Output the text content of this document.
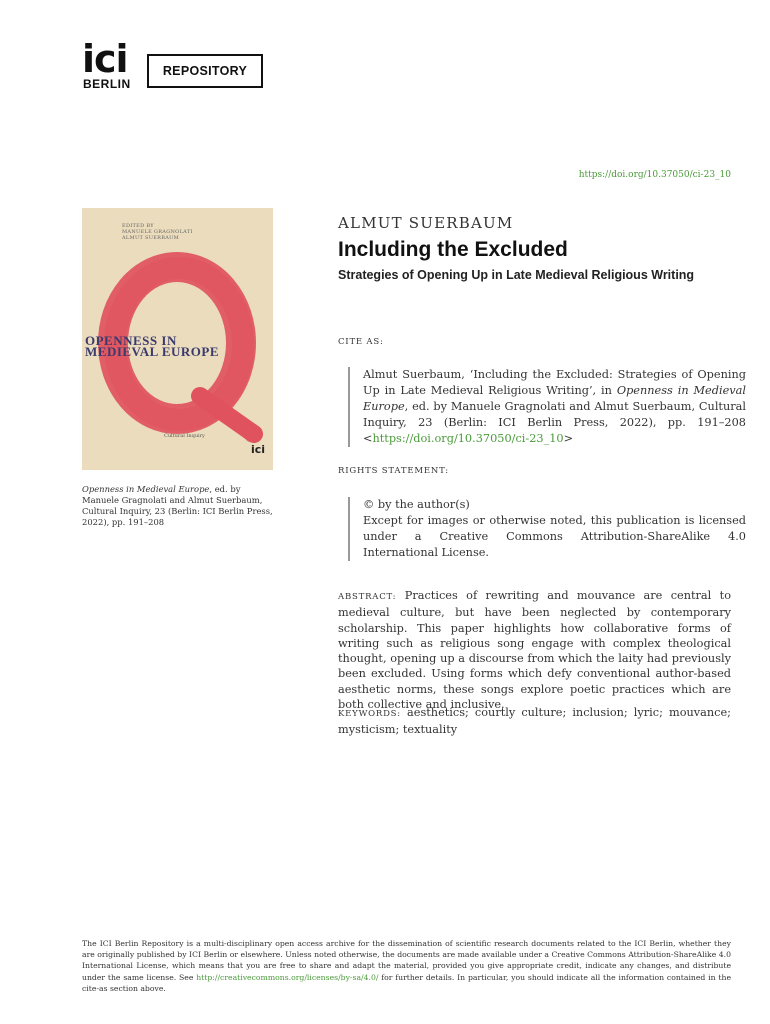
ici
BERLIN
REPOSITORY
https://doi.org/10.37050/ci-23_10
EDITED BY
MANUELE GRAGNOLATI
ALMUT SUERBAUM
OPENNESS IN
MEDIEVAL EUROPE
Cultural Inquiry
ici
Openness in Medieval Europe, ed. by Manuele Gragnolati and Almut Suerbaum, Cultural Inquiry, 23 (Berlin: ICI Berlin Press, 2022), pp. 191–208
ALMUT SUERBAUM
Including the Excluded
Strategies of Opening Up in Late Medieval Religious Writing
CITE AS:
Almut Suerbaum, ‘Including the Excluded: Strategies of Opening Up in Late Medieval Religious Writing’, in Openness in Medieval Europe, ed. by Manuele Gragnolati and Almut Suerbaum, Cultural Inquiry, 23 (Berlin: ICI Berlin Press, 2022), pp. 191–208 <https://doi.org/10.37050/ci-23_10>
RIGHTS STATEMENT:
© by the author(s)
Except for images or otherwise noted, this publication is licensed under a Creative Commons Attribution-ShareAlike 4.0 International License.
ABSTRACT: Practices of rewriting and mouvance are central to medieval culture, but have been neglected by contemporary scholarship. This paper highlights how collaborative forms of writing such as religious song engage with complex theological thought, opening up a discourse from which the laity had previously been excluded. Using forms which defy conventional author-based aesthetic norms, these songs explore poetic practices which are both collective and inclusive.
KEYWORDS: aesthetics; courtly culture; inclusion; lyric; mouvance; mysticism; textuality
The ICI Berlin Repository is a multi-disciplinary open access archive for the dissemination of scientific research documents related to the ICI Berlin, whether they are originally published by ICI Berlin or elsewhere. Unless noted otherwise, the documents are made available under a Creative Commons Attribution-ShareAlike 4.0 International License, which means that you are free to share and adapt the material, provided you give appropriate credit, indicate any changes, and distribute under the same license. See http://creativecommons.org/licenses/by-sa/4.0/ for further details. In particular, you should indicate all the information contained in the cite-as section above.
